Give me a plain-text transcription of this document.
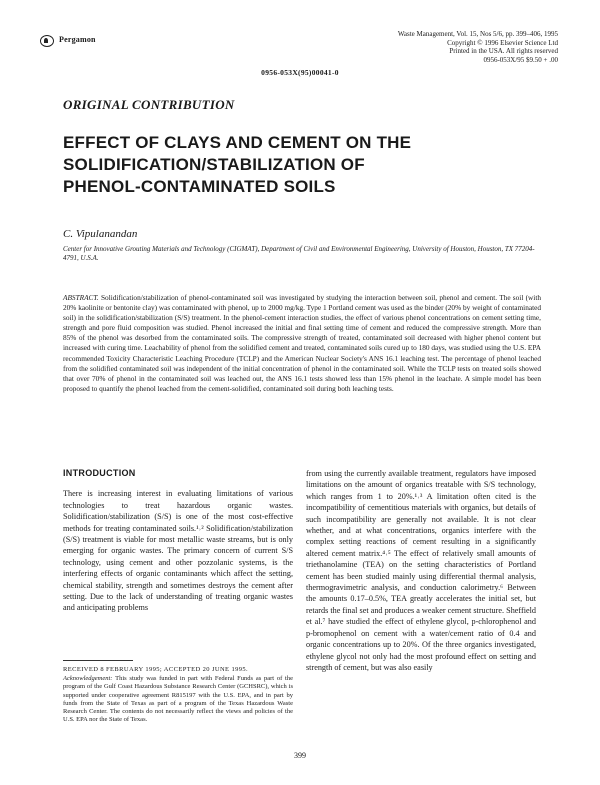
Pergamon
Waste Management, Vol. 15, Nos 5/6, pp. 399–406, 1995
Copyright © 1996 Elsevier Science Ltd
Printed in the USA. All rights reserved
0956-053X/95 $9.50 + .00
0956-053X(95)00041-0
ORIGINAL CONTRIBUTION
EFFECT OF CLAYS AND CEMENT ON THE
SOLIDIFICATION/STABILIZATION OF
PHENOL-CONTAMINATED SOILS
C. Vipulanandan
Center for Innovative Grouting Materials and Technology (CIGMAT), Department of Civil and Environmental Engineering, University of Houston, Houston, TX 77204-4791, U.S.A.
ABSTRACT. Solidification/stabilization of phenol-contaminated soil was investigated by studying the interaction between soil, phenol and cement. The soil (with 20% kaolinite or bentonite clay) was contaminated with phenol, up to 2000 mg/kg. Type 1 Portland cement was used as the binder (20% by weight of contaminated soil) in the solidification/stabilization (S/S) treatment. In the phenol-cement interaction studies, the effect of various phenol concentrations on cement setting time, strength and pore fluid composition was studied. Phenol increased the initial and final setting time of cement and reduced the compressive strength. More than 85% of the phenol was desorbed from the contaminated soils. The compressive strength of treated, contaminated soil decreased with higher phenol content but increased with curing time. Leachability of phenol from the solidified cement and treated, contaminated soils cured up to 180 days, was studied using the U.S. EPA recommended Toxicity Characteristic Leaching Procedure (TCLP) and the American Nuclear Society's ANS 16.1 leaching test. The percentage of phenol leached from the solidified contaminated soil was independent of the initial concentration of phenol in the contaminated soil. While the TCLP tests on treated soils showed that over 70% of phenol in the contaminated soil was leached out, the ANS 16.1 tests showed less than 15% phenol in the leachate. A simple model has been proposed to quantify the phenol leached from the cement-solidified, contaminated soil during both leaching tests.
INTRODUCTION

There is increasing interest in evaluating limitations of various technologies to treat hazardous organic wastes. Solidification/stabilization (S/S) is one of the most cost-effective methods for treating contaminated soils.¹˒² Solidification/stabilization (S/S) treatment is viable for most metallic waste streams, but is only emerging for organic wastes. The primary concern of current S/S technology, using cement and other pozzolanic systems, is the interfering effects of organic contaminants which affect the setting, chemical stability, strength and sometimes destroys the cement after setting. Due to the lack of understanding of treating organic wastes and anticipating problems

from using the currently available treatment, regulators have imposed limitations on the amount of organics treatable with S/S technology, which ranges from 1 to 20%.¹˒³ A limitation often cited is the incompatibility of cementitious materials with organics, but details of such incompatibility are generally not available. It is not clear whether, and at what concentrations, organics interfere with the complex setting reactions of cement resulting in a significantly altered cement matrix.⁴˒⁵ The effect of relatively small amounts of triethanolamine (TEA) on the setting characteristics of Portland cement has been studied mainly using differential thermal analysis, thermogravimetric analysis, and conduction calorimetry.⁶ Between the amounts 0.17–0.5%, TEA greatly accelerates the initial set, but retards the final set and produces a weaker cement structure. Sheffield et al.⁷ have studied the effect of ethylene glycol, p-chlorophenol and p-bromophenol on cement with a water/cement ratio of 0.4 and organic concentrations up to 20%. Of the three organics investigated, ethylene glycol not only had the most profound effect on setting and strength of cement, but was also easily

RECEIVED 8 FEBRUARY 1995; ACCEPTED 20 JUNE 1995.
Acknowledgement: This study was funded in part with Federal Funds as part of the program of the Gulf Coast Hazardous Substance Research Center (GCHSRC), which is supported under cooperative agreement R815197 with the U.S. EPA, and in part by funds from the State of Texas as part of a program of the Texas Hazardous Waste Research Center. The contents do not necessarily reflect the views and policies of the U.S. EPA nor the State of Texas.
399
